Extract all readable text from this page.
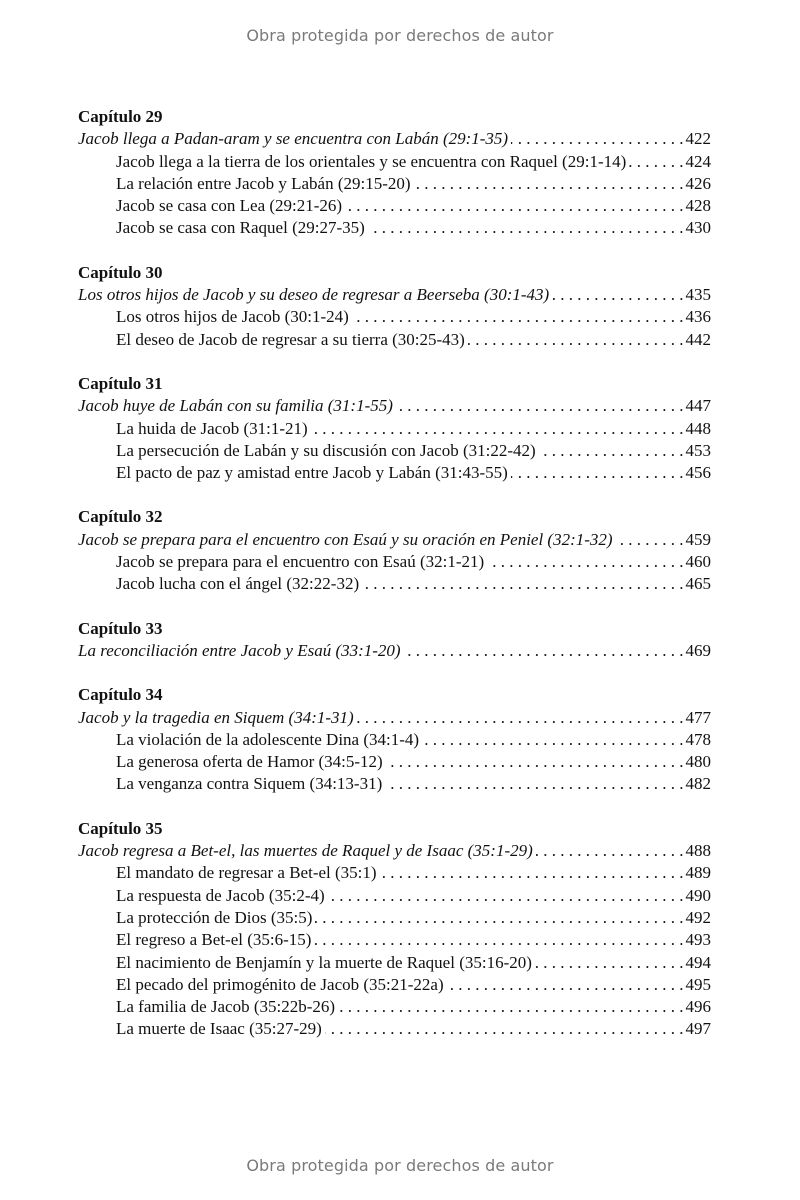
Obra protegida por derechos de autor
Capítulo 29
Jacob llega a Padan-aram y se encuentra con Labán (29:1-35) . . .	422
Jacob llega a la tierra de los orientales y se encuentra con Raquel (29:1-14) . . .	424
La relación entre Jacob y Labán (29:15-20) . . .	426
Jacob se casa con Lea (29:21-26) . . .	428
Jacob se casa con Raquel (29:27-35) . . .	430
Capítulo 30
Los otros hijos de Jacob y su deseo de regresar a Beerseba (30:1-43) . . .	435
Los otros hijos de Jacob (30:1-24) . . .	436
El deseo de Jacob de regresar a su tierra (30:25-43) . . .	442
Capítulo 31
Jacob huye de Labán con su familia (31:1-55) . . .	447
La huida de Jacob (31:1-21) . . .	448
La persecución de Labán y su discusión con Jacob (31:22-42) . . .	453
El pacto de paz y amistad entre Jacob y Labán (31:43-55) . . .	456
Capítulo 32
Jacob se prepara para el encuentro con Esaú y su oración en Peniel (32:1-32) . . .	459
Jacob se prepara para el encuentro con Esaú (32:1-21) . . .	460
Jacob lucha con el ángel (32:22-32) . . .	465
Capítulo 33
La reconciliación entre Jacob y Esaú (33:1-20) . . .	469
Capítulo 34
Jacob y la tragedia en Siquem (34:1-31) . . .	477
La violación de la adolescente Dina (34:1-4) . . .	478
La generosa oferta de Hamor (34:5-12) . . .	480
La venganza contra Siquem (34:13-31) . . .	482
Capítulo 35
Jacob regresa a Bet-el, las muertes de Raquel y de Isaac (35:1-29) . . .	488
El mandato de regresar a Bet-el (35:1) . . .	489
La respuesta de Jacob (35:2-4) . . .	490
La protección de Dios (35:5) . . .	492
El regreso a Bet-el (35:6-15) . . .	493
El nacimiento de Benjamín y la muerte de Raquel (35:16-20) . . .	494
El pecado del primogénito de Jacob (35:21-22a) . . .	495
La familia de Jacob (35:22b-26) . . .	496
La muerte de Isaac (35:27-29) . . .	497
Obra protegida por derechos de autor
